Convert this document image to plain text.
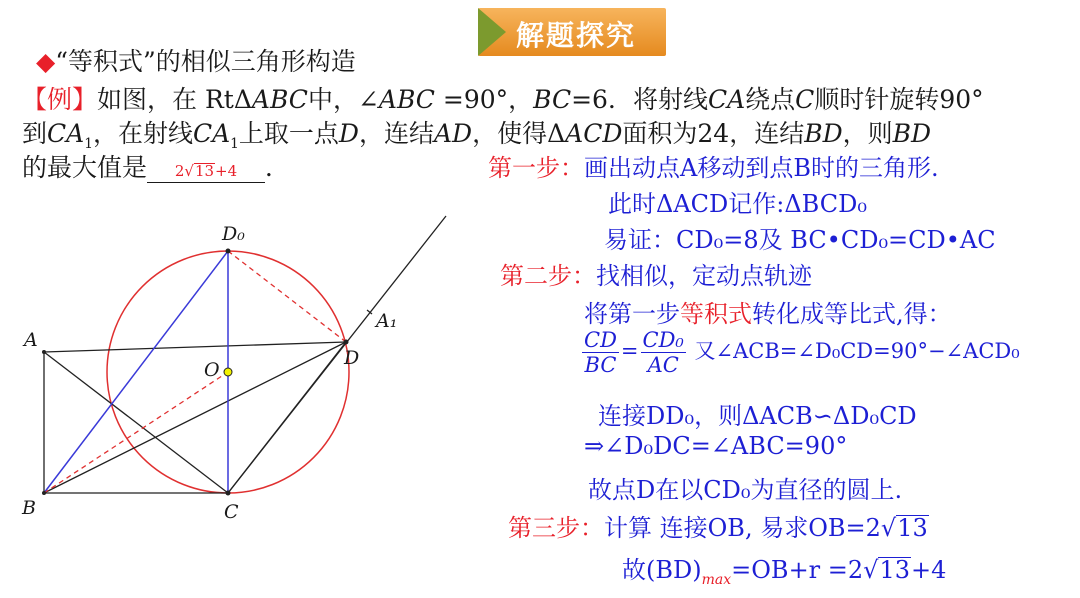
解题探究
◆“等积式”的相似三角形构造
【例】如图，在 RtΔABC中，∠ABC =90°，BC=6．将射线CA绕点C顺时针旋转90°
到$CA_1$，在射线$CA_1$上取一点D，连结AD，使得ΔACD面积为24，连结BD，则BD
的最大值是 2√13+4 ．	第一步：画出动点A移动到点B时的三角形.
此时ΔACD记作:ΔBCD₀
易证：CD₀=8及 BC•CD₀=CD•AC
第二步：找相似，定动点轨迹
将第一步等积式转化成等比式,得：
$\frac{CD}{BC} = \frac{\text{CD₀}}{AC}$ 又∠ACB=∠D₀CD=90°−∠ACD₀
连接DD₀，则ΔACB∽ΔD₀CD
⇒∠D₀DC=∠ABC=90°
故点D在以CD₀为直径的圆上.
第三步：计算 连接OB, 易求OB=2√13
故$(BD)_{max}=OB+r =2√13+4$
D₀
A
A₁
O
D
B	C
